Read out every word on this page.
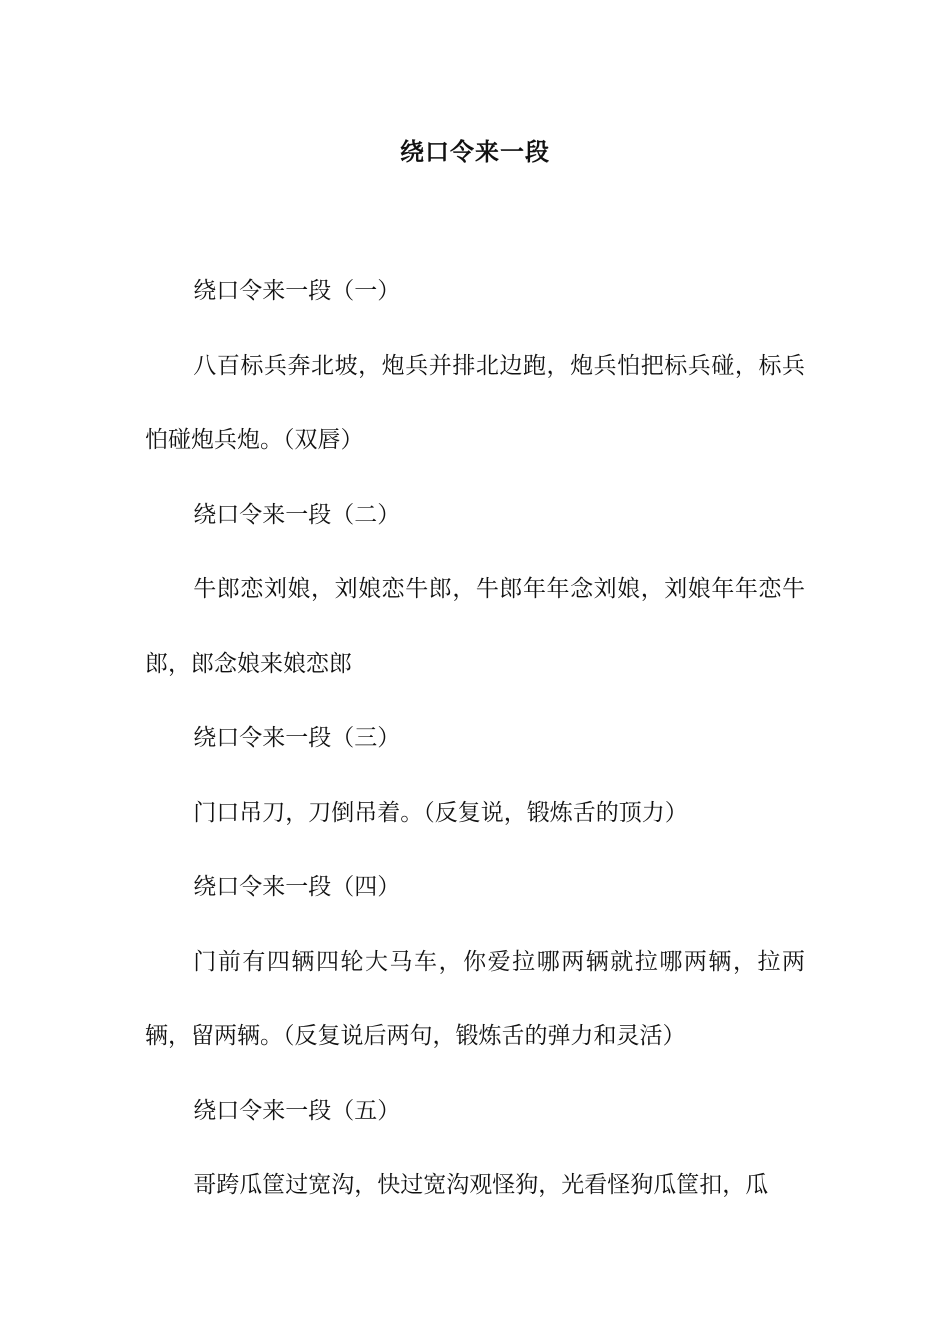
绕口令来一段

绕口令来一段（一）

八百标兵奔北坡，炮兵并排北边跑，炮兵怕把标兵碰，标兵怕碰炮兵炮。（双唇）

绕口令来一段（二）

牛郎恋刘娘，刘娘恋牛郎，牛郎年年念刘娘，刘娘年年恋牛郎，郎念娘来娘恋郎

绕口令来一段（三）

门口吊刀，刀倒吊着。（反复说，锻炼舌的顶力）

绕口令来一段（四）

门前有四辆四轮大马车，你爱拉哪两辆就拉哪两辆，拉两辆，留两辆。（反复说后两句，锻炼舌的弹力和灵活）

绕口令来一段（五）

哥跨瓜筐过宽沟，快过宽沟观怪狗，光看怪狗瓜筐扣，瓜
